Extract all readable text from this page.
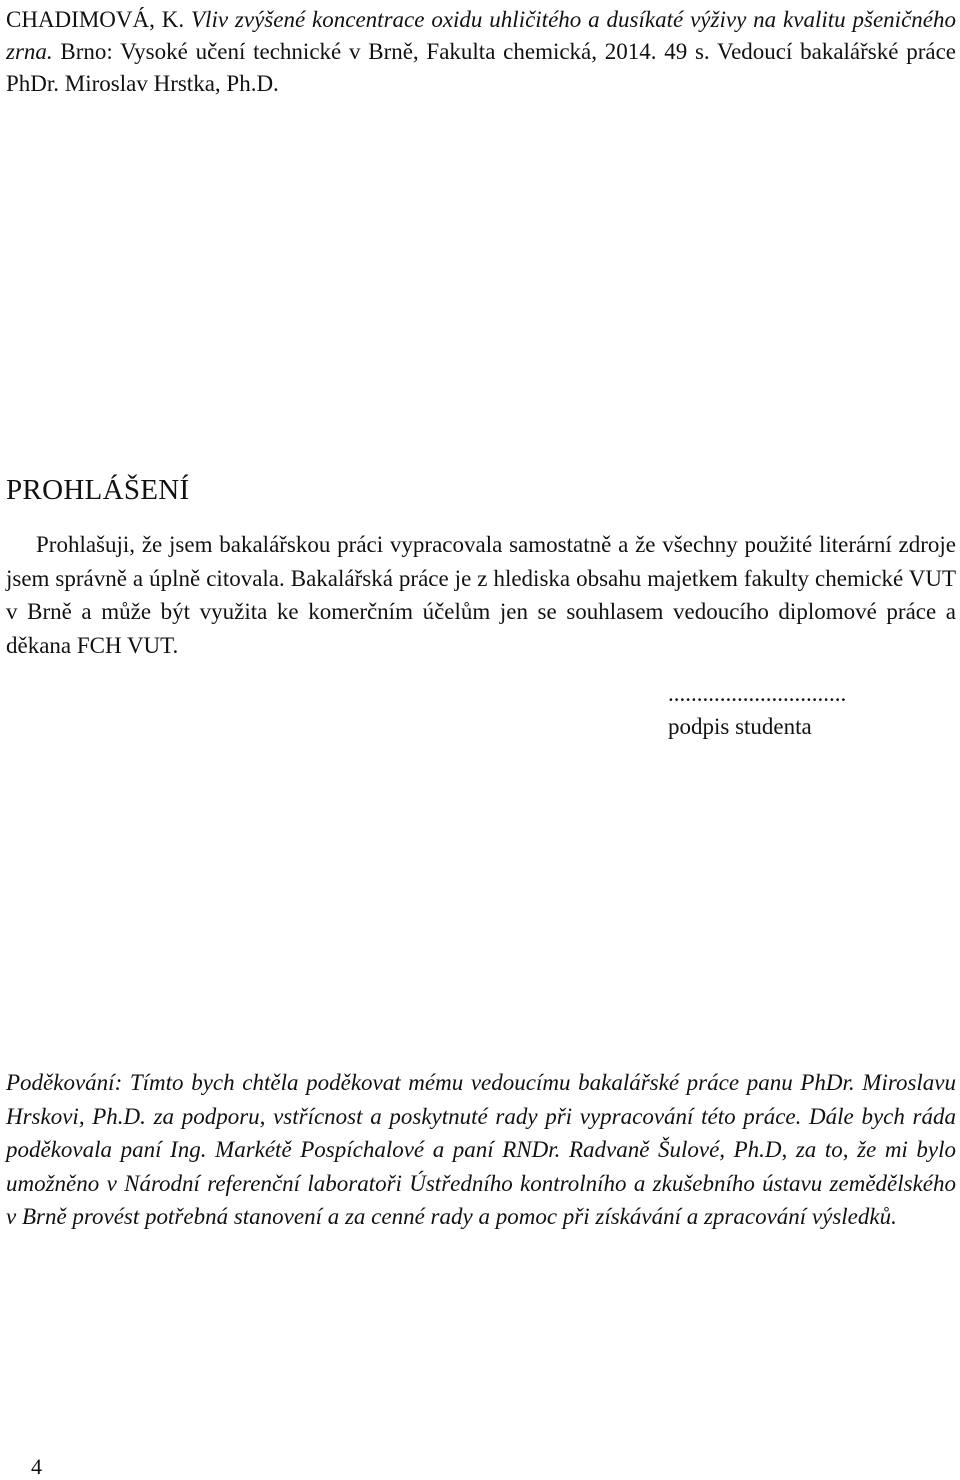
CHADIMOVÁ, K. Vliv zvýšené koncentrace oxidu uhličitého a dusíkaté výživy na kvalitu pšeničného zrna. Brno: Vysoké učení technické v Brně, Fakulta chemická, 2014. 49 s. Vedoucí bakalářské práce PhDr. Miroslav Hrstka, Ph.D.
PROHLÁŠENÍ
Prohlašuji, že jsem bakalářskou práci vypracovala samostatně a že všechny použité literární zdroje jsem správně a úplně citovala. Bakalářská práce je z hlediska obsahu majetkem fakulty chemické VUT v Brně a může být využita ke komerčním účelům jen se souhlasem vedoucího diplomové práce a děkana FCH VUT.
...............................
podpis studenta
Poděkování: Tímto bych chtěla poděkovat mému vedoucímu bakalářské práce panu PhDr. Miroslavu Hrskovi, Ph.D. za podporu, vstřícnost a poskytnuté rady při vypracování této práce. Dále bych ráda poděkovala paní Ing. Markétě Pospíchalové a paní RNDr. Radvaně Šulové, Ph.D, za to, že mi bylo umožněno v Národní referenční laboratoři Ústředního kontrolního a zkušebního ústavu zemědělského v Brně provést potřebná stanovení a za cenné rady a pomoc při získávání a zpracování výsledků.
4
